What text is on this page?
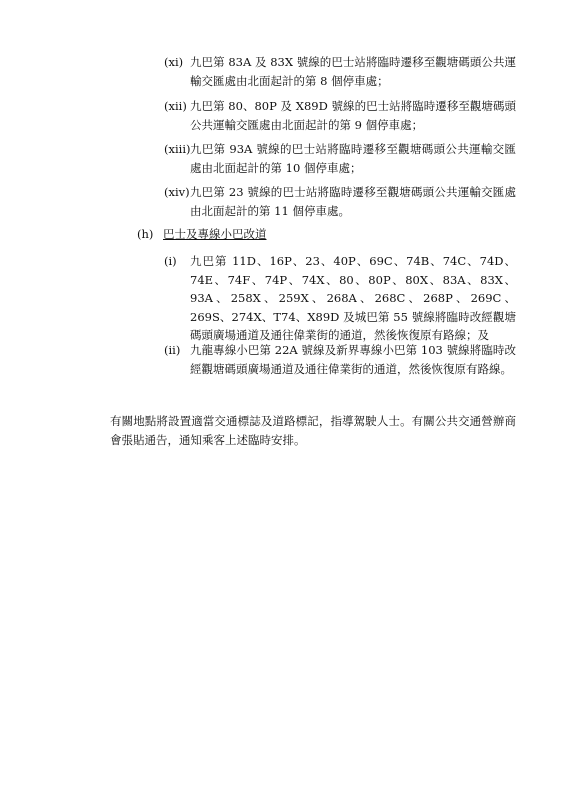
(xi) 九巴第 83A 及 83X 號線的巴士站將臨時遷移至觀塘碼頭公共運輸交匯處由北面起計的第 8 個停車處；
(xii) 九巴第 80、80P 及 X89D 號線的巴士站將臨時遷移至觀塘碼頭公共運輸交匯處由北面起計的第 9 個停車處；
(xiii) 九巴第 93A 號線的巴士站將臨時遷移至觀塘碼頭公共運輸交匯處由北面起計的第 10 個停車處；
(xiv) 九巴第 23 號線的巴士站將臨時遷移至觀塘碼頭公共運輸交匯處由北面起計的第 11 個停車處。
(h) 巴士及專線小巴改道
(i)	九巴第 11D、16P、23、40P、69C、74B、74C、74D、74E、74F、74P、74X、80、80P、80X、83A、83X、93A、258X、259X、268A、268C、268P、269C、269S、274X、T74、X89D 及城巴第 55 號線將臨時改經觀塘碼頭廣場通道及通往偉業街的通道，然後恢復原有路線；及
(ii) 九龍專線小巴第 22A 號線及新界專線小巴第 103 號線將臨時改經觀塘碼頭廣場通道及通往偉業街的通道，然後恢復原有路線。
有關地點將設置適當交通標誌及道路標記，指導駕駛人士。有關公共交通營辦商會張貼通告，通知乘客上述臨時安排。
